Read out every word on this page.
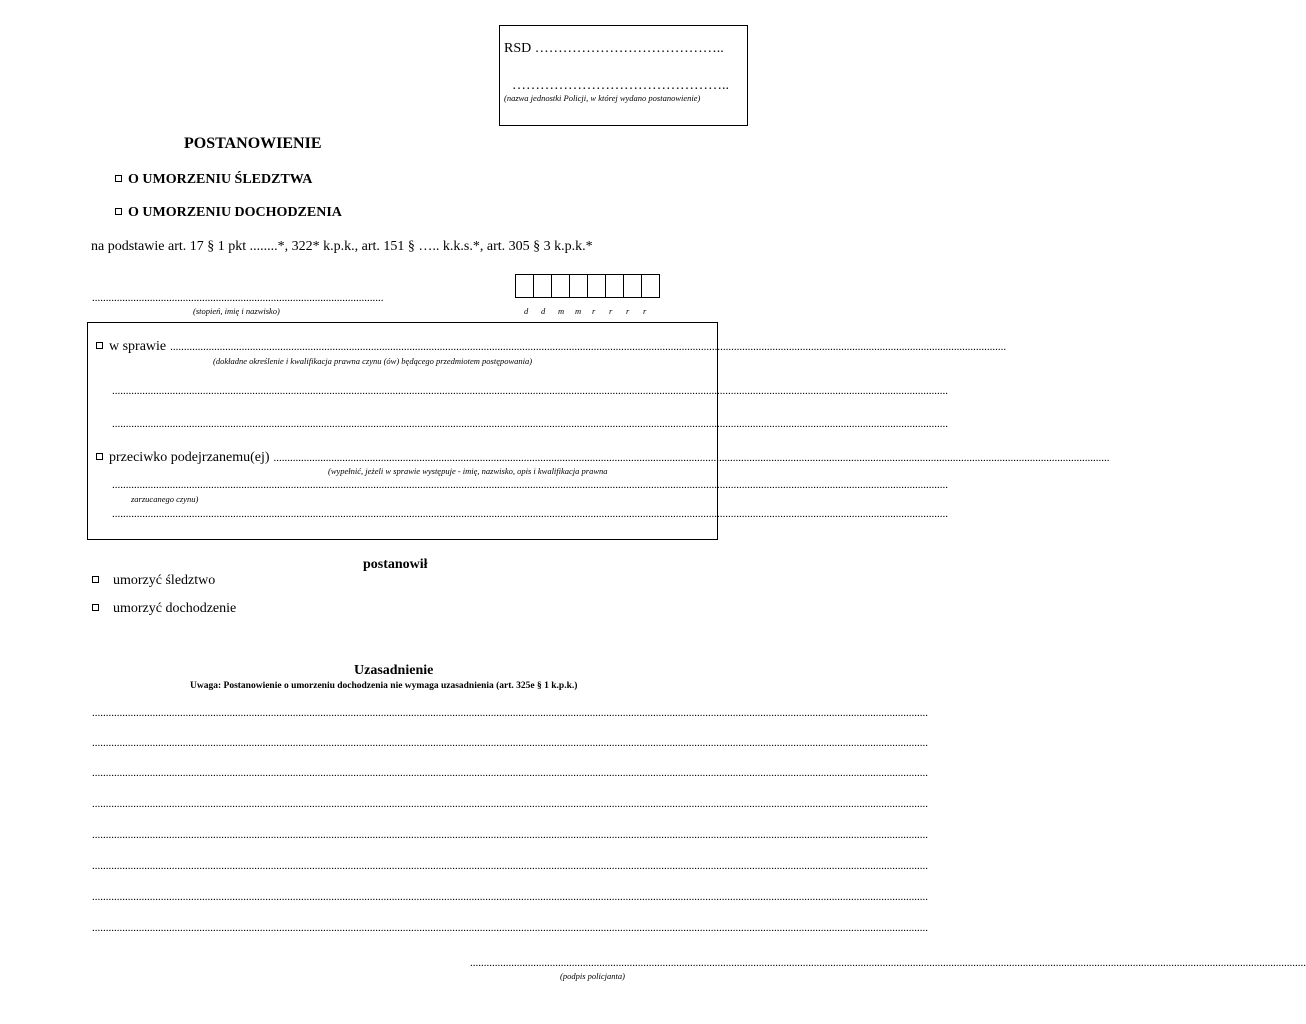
RSD …………………………………..
………………………………………..
(nazwa jednostki Policji, w której wydano postanowienie)
POSTANOWIENIE
O UMORZENIU ŚLEDZTWA
O UMORZENIU DOCHODZENIA
na podstawie art. 17 § 1 pkt ........*, 322* k.p.k., art. 151 § ….. k.k.s.*, art. 305 § 3 k.p.k.*
..........................................................................................................
(stopień, imię i nazwisko)	d	d	m	m	r	r	r	r
w sprawie ................................................................................................................................................................................................................................................................................................................
(dokładne określenie i kwalifikacja prawna czynu (ów) będącego przedmiotem postępowania)
................................................................................................................................................................................................................................................................................................................
................................................................................................................................................................................................................................................................................................................
przeciwko podejrzanemu(ej) ................................................................................................................................................................................................................................................................................................................
(wypełnić, jeżeli w sprawie występuje - imię, nazwisko, opis i kwalifikacja prawna
................................................................................................................................................................................................................................................................................................................
zarzucanego czynu)
................................................................................................................................................................................................................................................................................................................
postanowił
umorzyć śledztwo
umorzyć dochodzenie
Uzasadnienie
Uwaga: Postanowienie o umorzeniu dochodzenia nie wymaga uzasadnienia (art. 325e § 1 k.p.k.)
................................................................................................................................................................................................................................................................................................................
................................................................................................................................................................................................................................................................................................................
................................................................................................................................................................................................................................................................................................................
................................................................................................................................................................................................................................................................................................................
................................................................................................................................................................................................................................................................................................................
................................................................................................................................................................................................................................................................................................................
................................................................................................................................................................................................................................................................................................................
................................................................................................................................................................................................................................................................................................................
................................................................................................................................................................................................................................................................................................................
(podpis policjanta)
